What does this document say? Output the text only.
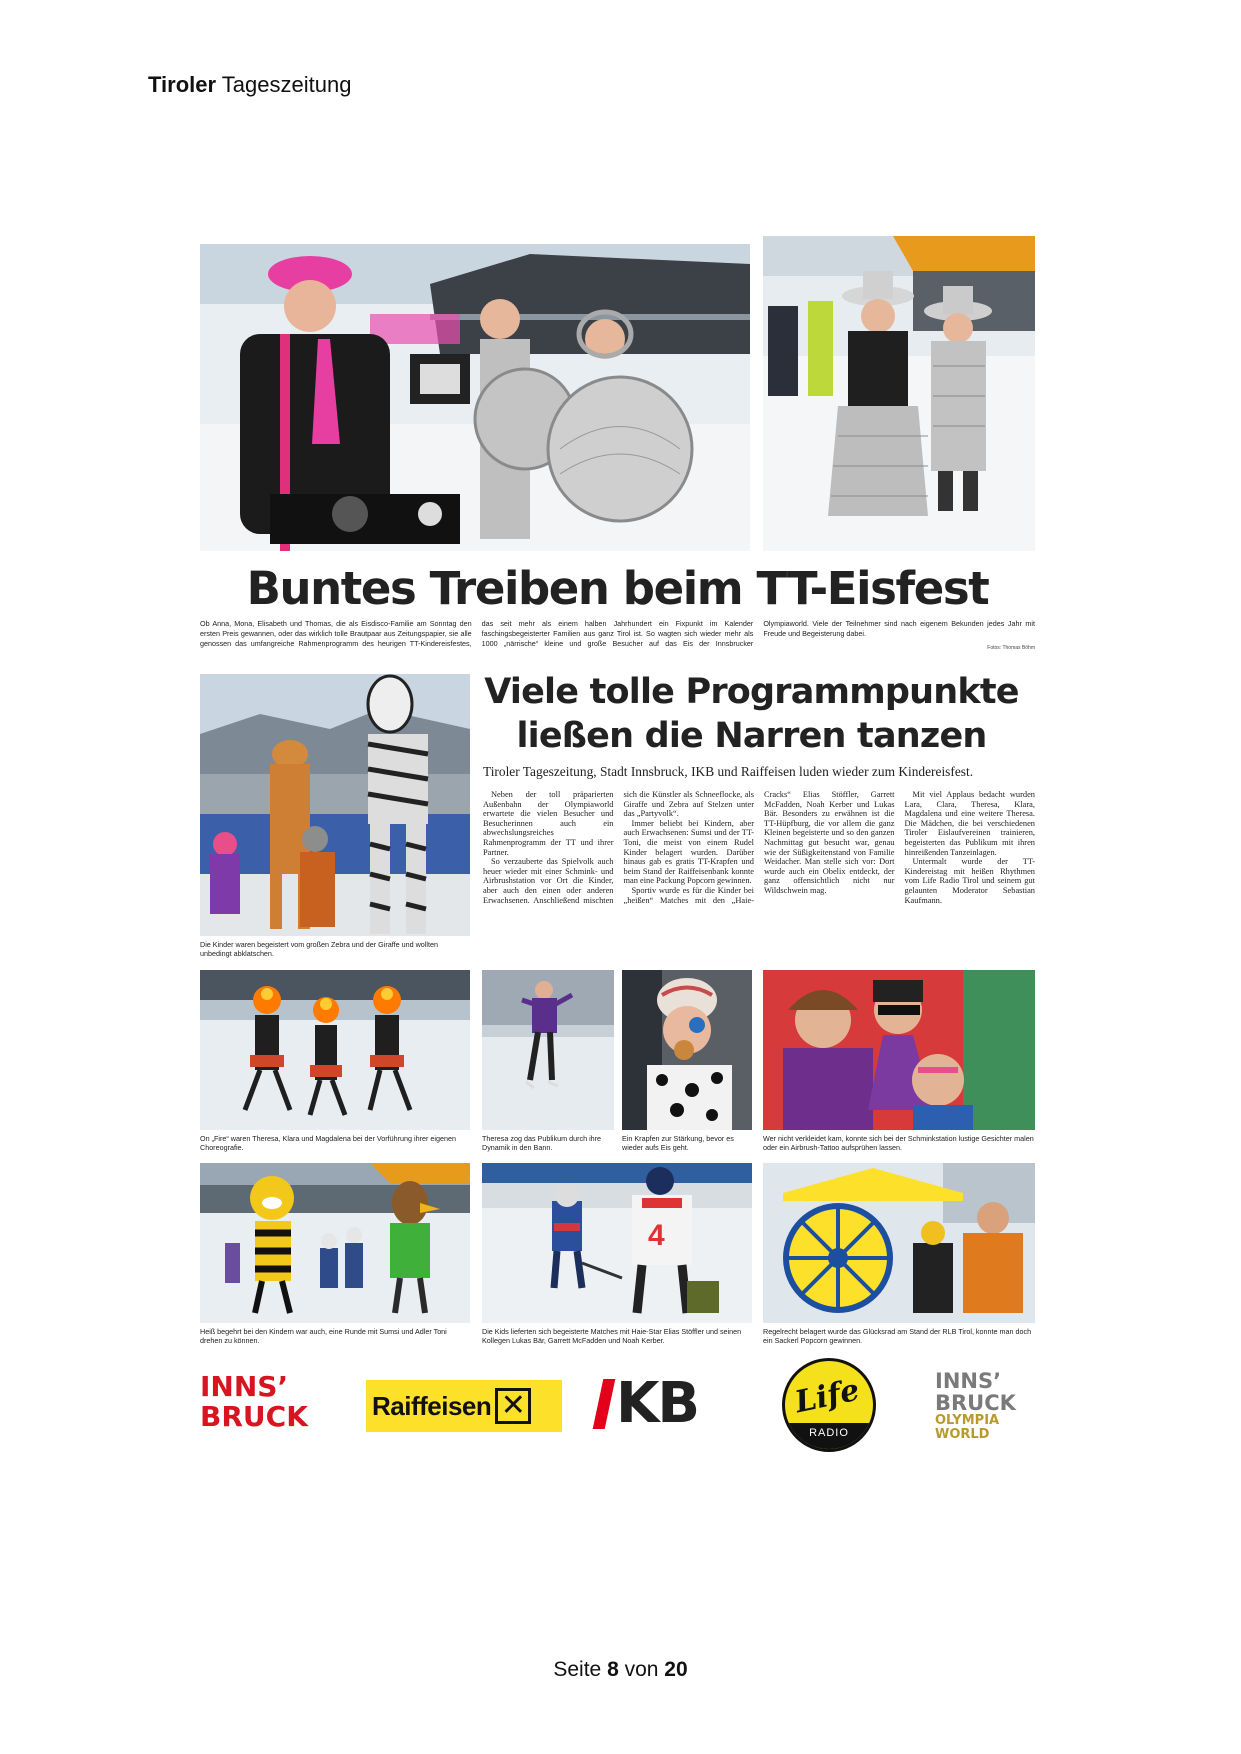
Tiroler Tageszeitung
Buntes Treiben beim TT-Eisfest

Ob Anna, Mona, Elisabeth und Thomas, die als Eisdisco-Familie am Sonntag den ersten Preis gewannen, oder das wirklich tolle Brautpaar aus Zeitungspapier, sie alle genossen das umfangreiche Rahmenprogramm des heurigen TT-Kindereisfestes, das seit mehr als einem halben Jahrhundert ein Fixpunkt im Kalender faschingsbegeisterter Familien aus ganz Tirol ist. So wagten sich wieder mehr als 1000 „närrische“ kleine und große Besucher auf das Eis der Innsbrucker Olympiaworld. Viele der Teilnehmer sind nach eigenem Bekunden jedes Jahr mit Freude und Begeisterung dabei.

Fotos: Thomas Böhm

Die Kinder waren begeistert vom großen Zebra und der Giraffe und wollten unbedingt abklatschen.

Viele tolle Programmpunkte
ließen die Narren tanzen

Tiroler Tageszeitung, Stadt Innsbruck, IKB und Raiffeisen luden wieder zum Kindereisfest.

Neben der toll präparierten Außenbahn der Olympiaworld erwartete die vielen Besucher und Besucherinnen auch ein abwechslungsreiches Rahmenprogramm der TT und ihrer Partner.

So verzauberte das Spielvolk auch heuer wieder mit einer Schmink- und Airbrushstation vor Ort die Kinder, aber auch den einen oder anderen Erwachsenen. Anschließend mischten sich die Künstler als Schneeflocke, als Giraffe und Zebra auf Stelzen unter das „Partyvolk“.

Immer beliebt bei Kindern, aber auch Erwachsenen: Sumsi und der TT-Toni, die meist von einem Rudel Kinder belagert wurden. Darüber hinaus gab es gratis TT-Krapfen und beim Stand der Raiffeisenbank konnte man eine Packung Popcorn gewinnen.

Sportiv wurde es für die Kinder bei „heißen“ Matches mit den „Haie-Cracks“ Elias Stöffler, Garrett McFadden, Noah Kerber und Lukas Bär. Besonders zu erwähnen ist die TT-Hüpfburg, die vor allem die ganz Kleinen begeisterte und so den ganzen Nachmittag gut besucht war, genau wie der Süßigkeitenstand von Familie Weidacher. Man stelle sich vor: Dort wurde auch ein Obelix entdeckt, der ganz offensichtlich nicht nur Wildschwein mag.

Mit viel Applaus bedacht wurden Lara, Clara, Theresa, Klara, Magdalena und eine weitere Theresa. Die Mädchen, die bei verschiedenen Tiroler Eislaufvereinen trainieren, begeisterten das Publikum mit ihren hinreißenden Tanzeinlagen.

Untermalt wurde der TT-Kindereistag mit heißen Rhythmen vom Life Radio Tirol und seinem gut gelaunten Moderator Sebastian Kaufmann.

On „Fire“ waren Theresa, Klara und Magdalena bei der Vorführung ihrer eigenen Choreografie.

Theresa zog das Publikum durch ihre Dynamik in den Bann.

Ein Krapfen zur Stärkung, bevor es wieder aufs Eis geht.

Wer nicht verkleidet kam, konnte sich bei der Schminkstation lustige Gesichter malen oder ein Airbrush-Tattoo aufsprühen lassen.

Heiß begehrt bei den Kindern war auch, eine Runde mit Sumsi und Adler Toni drehen zu können.

4

Die Kids lieferten sich begeisterte Matches mit Haie-Star Elias Stöffler und seinen Kollegen Lukas Bär, Garrett McFadden und Noah Kerber.

Regelrecht belagert wurde das Glücksrad am Stand der RLB Tirol, konnte man doch ein Sackerl Popcorn gewinnen.

INNS’
BRUCK	Raiffeisen ✕ KB	Life
RADIO
INNS’
BRUCK
OLYMPIA
WORLD
Seite 8 von 20
